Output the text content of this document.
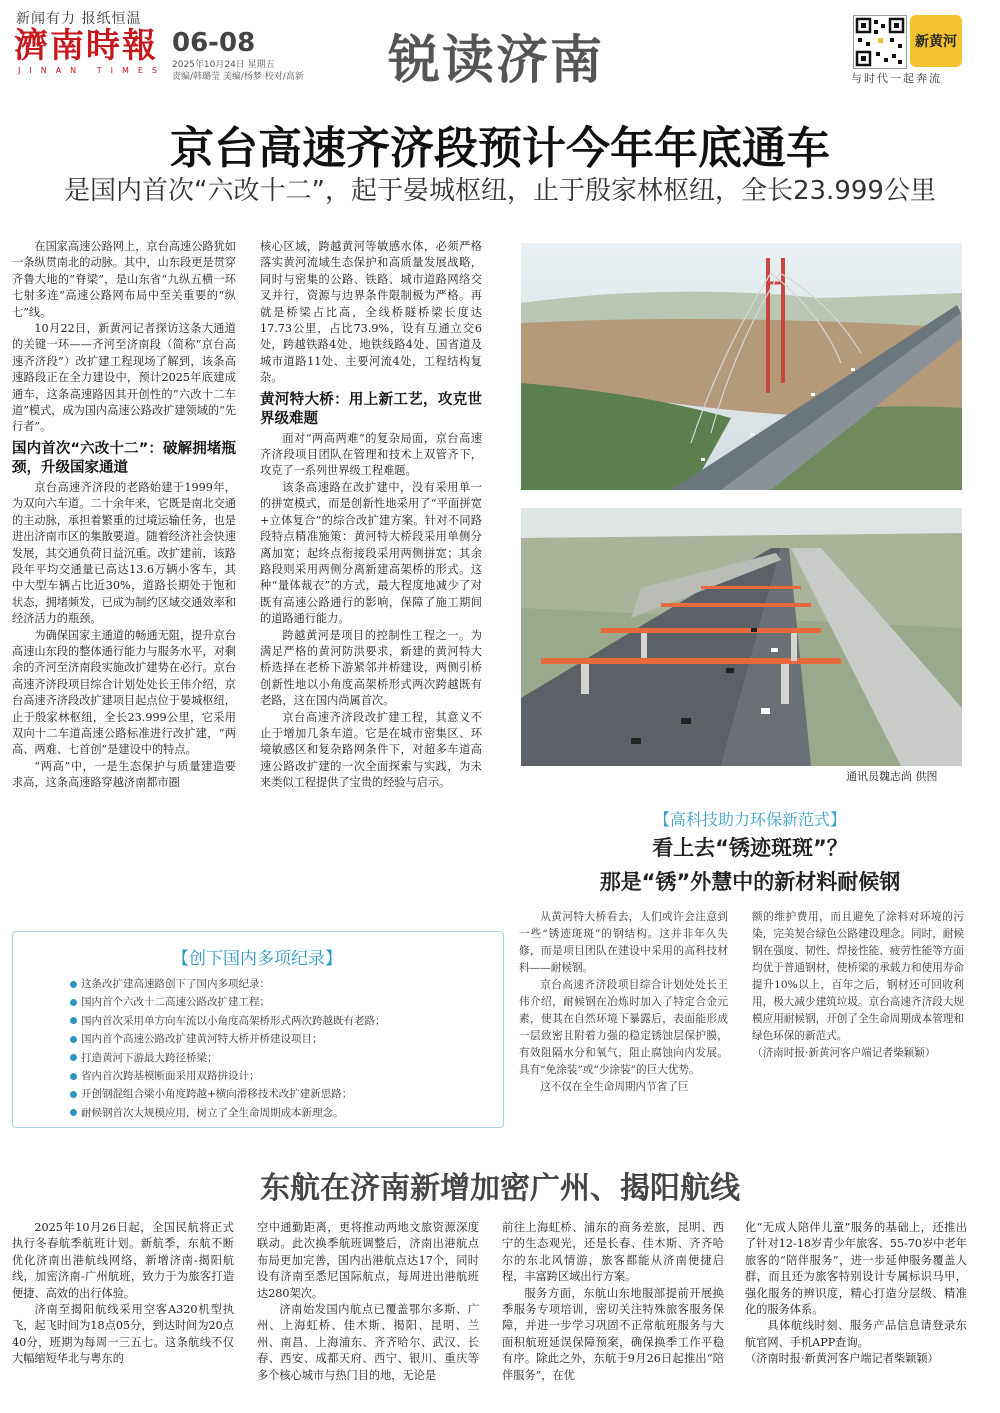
新闻有力 报纸恒温
濟南時報
JINAN TIMES
06-08
2025年10月24日 星期五
责编/韩璐莹 美编/杨梦 校对/高新 锐读济南	新黄河
与时代一起奔流
京台高速齐济段预计今年年底通车
是国内首次“六改十二”，起于晏城枢纽，止于殷家林枢纽，全长23.999公里

在国家高速公路网上，京台高速公路犹如一条纵贯南北的动脉。其中，山东段更是贯穿齐鲁大地的“脊梁”，是山东省“九纵五横一环七射多连”高速公路网布局中至关重要的“纵七”线。

10月22日，新黄河记者探访这条大通道的关键一环——齐河至济南段（简称“京台高速齐济段”）改扩建工程现场了解到，该条高速路段正在全力建设中，预计2025年底建成通车，这条高速路因其开创性的“六改十二车道”模式，成为国内高速公路改扩建领域的“先行者”。

国内首次“六改十二”：破解拥堵瓶颈，升级国家通道

京台高速齐济段的老路始建于1999年，为双向六车道。二十余年来，它既是南北交通的主动脉，承担着繁重的过境运输任务，也是进出济南市区的集散要道。随着经济社会快速发展，其交通负荷日益沉重。改扩建前，该路段年平均交通量已高达13.6万辆小客车，其中大型车辆占比近30%，道路长期处于饱和状态，拥堵频发，已成为制约区域交通效率和经济活力的瓶颈。

为确保国家主通道的畅通无阻，提升京台高速山东段的整体通行能力与服务水平，对剩余的齐河至济南段实施改扩建势在必行。京台高速齐济段项目综合计划处处长王伟介绍，京台高速齐济段改扩建项目起点位于晏城枢纽，止于殷家林枢纽，全长23.999公里，它采用双向十二车道高速公路标准进行改扩建，“两高、两难、七首创”是建设中的特点。

“两高”中，一是生态保护与质量建造要求高，这条高速路穿越济南都市圈

核心区域，跨越黄河等敏感水体，必须严格落实黄河流域生态保护和高质量发展战略，同时与密集的公路、铁路、城市道路网络交叉并行，资源与边界条件限制极为严格。再就是桥梁占比高，全线桥隧桥梁长度达17.73公里，占比73.9%，设有互通立交6处，跨越铁路4处、地铁线路4处、国省道及城市道路11处、主要河流4处，工程结构复杂。

黄河特大桥：用上新工艺，攻克世界级难题

面对“两高两难”的复杂局面，京台高速齐济段项目团队在管理和技术上双管齐下，攻克了一系列世界级工程难题。

该条高速路在改扩建中，没有采用单一的拼宽模式，而是创新性地采用了“平面拼宽+立体复合”的综合改扩建方案。针对不同路段特点精准施策：黄河特大桥段采用单侧分离加宽；起终点衔接段采用两侧拼宽；其余路段则采用两侧分离新建高架桥的形式。这种“量体裁衣”的方式，最大程度地减少了对既有高速公路通行的影响，保障了施工期间的道路通行能力。

跨越黄河是项目的控制性工程之一。为满足严格的黄河防洪要求，新建的黄河特大桥选择在老桥下游紧邻并桥建设，两侧引桥创新性地以小角度高架桥形式两次跨越既有老路，这在国内尚属首次。

京台高速齐济段改扩建工程，其意义不止于增加几条车道。它是在城市密集区、环境敏感区和复杂路网条件下，对超多车道高速公路改扩建的一次全面探索与实践，为未来类似工程提供了宝贵的经验与启示。	通讯员魏志尚 供图
【创下国内多项纪录】
这条改扩建高速路创下了国内多项纪录：
国内首个六改十二高速公路改扩建工程；
国内首次采用单方向车流以小角度高架桥形式两次跨越既有老路；
国内首个高速公路改扩建黄河特大桥并桥建设项目；
打造黄河下游最大跨径桥梁；
省内首次跨基模断面采用双路拼设计；
开创钢混组合梁小角度跨越+横向滑移技术改扩建新思路；
耐候钢首次大规模应用，树立了全生命周期成本新理念。
【高科技助力环保新范式】
看上去“锈迹斑斑”？
那是“锈”外慧中的新材料耐候钢

从黄河特大桥看去，人们或许会注意到一些“锈迹斑斑”的钢结构。这并非年久失修，而是项目团队在建设中采用的高科技材料——耐候钢。

京台高速齐济段项目综合计划处处长王伟介绍，耐候钢在冶炼时加入了特定合金元素，使其在自然环境下暴露后，表面能形成一层致密且附着力强的稳定锈蚀层保护膜，有效阻隔水分和氧气，阻止腐蚀向内发展。具有“免涂装”或“少涂装”的巨大优势。

这不仅在全生命周期内节省了巨

额的维护费用，而且避免了涂料对环境的污染，完美契合绿色公路建设理念。同时，耐候钢在强度、韧性、焊接性能、疲劳性能等方面均优于普通钢材，使桥梁的承载力和使用寿命提升10%以上，百年之后，钢材还可回收利用，极大减少建筑垃圾。京台高速齐济段大规模应用耐候钢，开创了全生命周期成本管理和绿色环保的新范式。

（济南时报·新黄河客户端记者柴颖颖）

东航在济南新增加密广州、揭阳航线

2025年10月26日起，全国民航将正式执行冬春航季航班计划。新航季，东航不断优化济南出港航线网络，新增济南-揭阳航线，加密济南-广州航班，致力于为旅客打造便捷、高效的出行体验。

济南至揭阳航线采用空客A320机型执飞，起飞时间为18点05分，到达时间为20点40分，班期为每周一三五七。这条航线不仅大幅缩短华北与粤东的

空中通勤距离，更将推动两地文旅资源深度联动。此次换季航班调整后，济南出港航点布局更加完善，国内出港航点达17个，同时设有济南至悉尼国际航点，每周进出港航班达280架次。

济南始发国内航点已覆盖鄂尔多斯、广州、上海虹桥、佳木斯、揭阳、昆明、兰州、南昌、上海浦东、齐齐哈尔、武汉、长春、西安、成都天府、西宁、银川、重庆等多个核心城市与热门目的地，无论是

前往上海虹桥、浦东的商务差旅，昆明、西宁的生态观光，还是长春、佳木斯、齐齐哈尔的东北风情游，旅客都能从济南便捷启程，丰富跨区域出行方案。

服务方面，东航山东地服部提前开展换季服务专项培训，密切关注特殊旅客服务保障，并进一步学习巩固不正常航班服务与大面积航班延误保障预案，确保换季工作平稳有序。除此之外，东航于9月26日起推出“陪伴服务”，在优

化“无成人陪伴儿童”服务的基础上，还推出了针对12-18岁青少年旅客、55-70岁中老年旅客的“陪伴服务”，进一步延伸服务覆盖人群，而且还为旅客特别设计专属标识马甲，强化服务的辨识度，精心打造分层级、精准化的服务体系。

具体航线时刻、服务产品信息请登录东航官网、手机APP查询。

（济南时报·新黄河客户端记者柴颖颖）
